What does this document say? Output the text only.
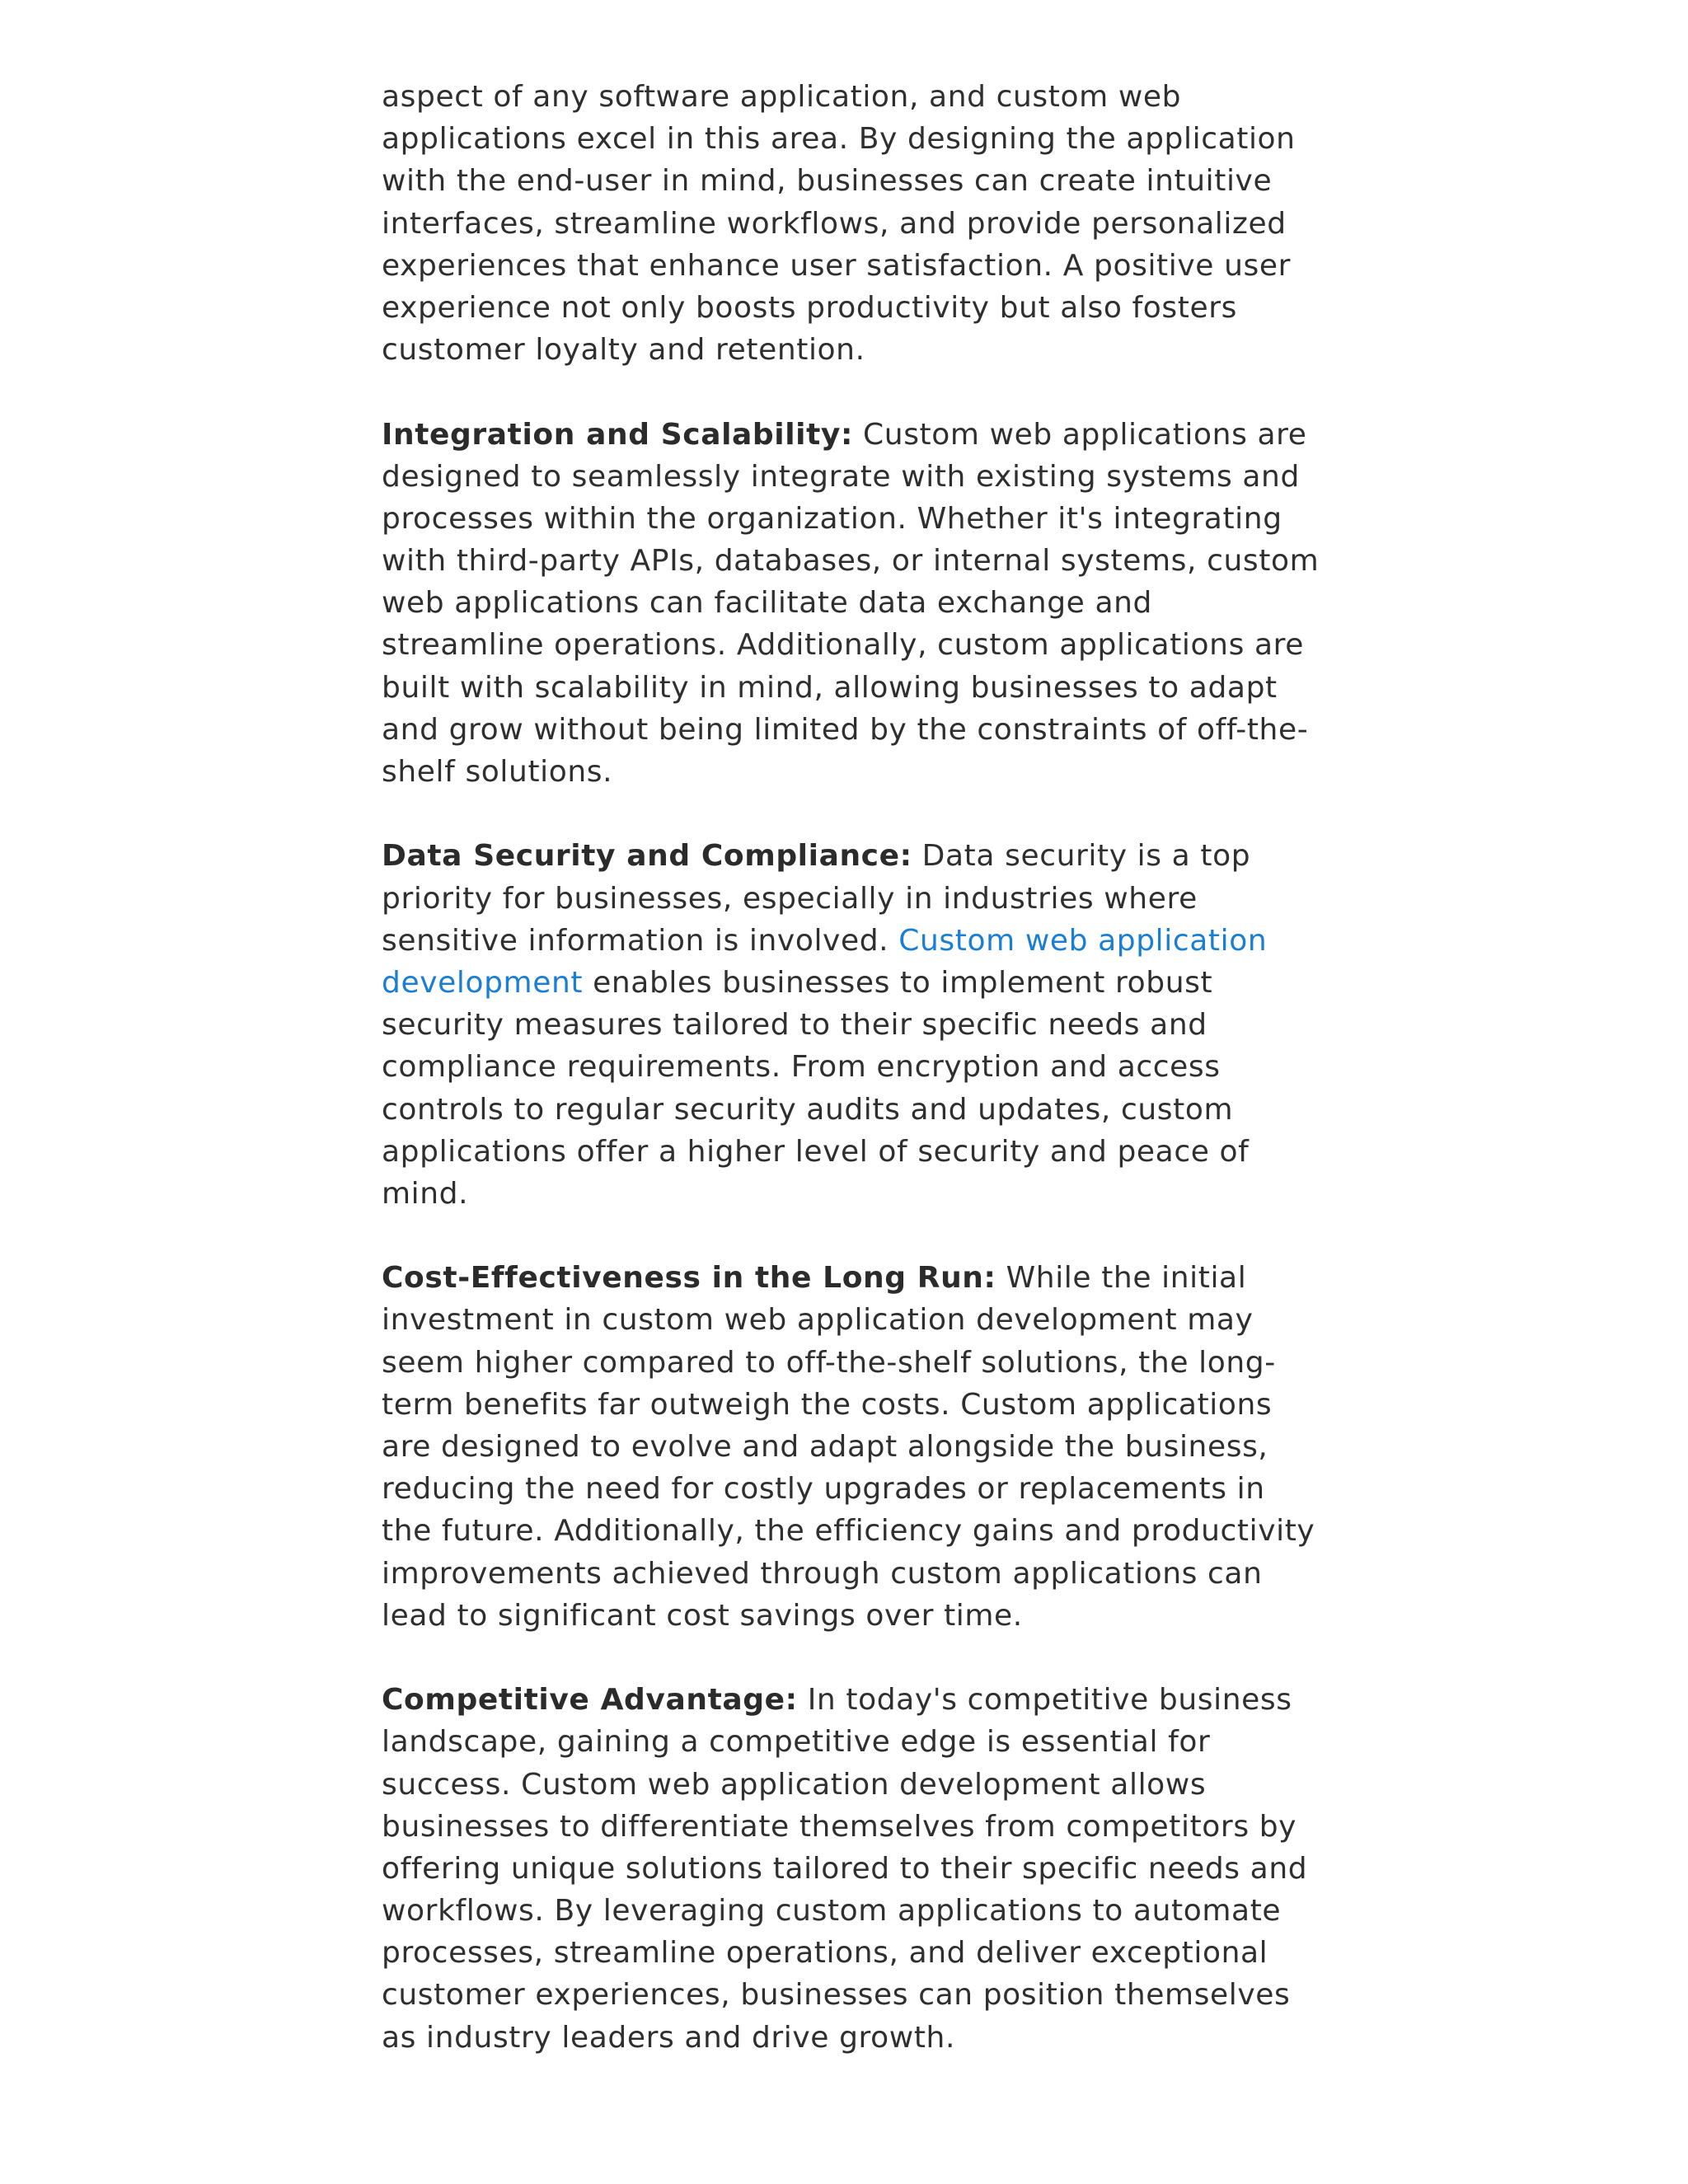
aspect of any software application, and custom web
applications excel in this area. By designing the application
with the end-user in mind, businesses can create intuitive
interfaces, streamline workflows, and provide personalized
experiences that enhance user satisfaction. A positive user
experience not only boosts productivity but also fosters
customer loyalty and retention.
Integration and Scalability: Custom web applications are
designed to seamlessly integrate with existing systems and
processes within the organization. Whether it's integrating
with third-party APIs, databases, or internal systems, custom
web applications can facilitate data exchange and
streamline operations. Additionally, custom applications are
built with scalability in mind, allowing businesses to adapt
and grow without being limited by the constraints of off-the-
shelf solutions.
Data Security and Compliance: Data security is a top
priority for businesses, especially in industries where
sensitive information is involved. Custom web application
development enables businesses to implement robust
security measures tailored to their specific needs and
compliance requirements. From encryption and access
controls to regular security audits and updates, custom
applications offer a higher level of security and peace of
mind.
Cost-Effectiveness in the Long Run: While the initial
investment in custom web application development may
seem higher compared to off-the-shelf solutions, the long-
term benefits far outweigh the costs. Custom applications
are designed to evolve and adapt alongside the business,
reducing the need for costly upgrades or replacements in
the future. Additionally, the efficiency gains and productivity
improvements achieved through custom applications can
lead to significant cost savings over time.
Competitive Advantage: In today's competitive business
landscape, gaining a competitive edge is essential for
success. Custom web application development allows
businesses to differentiate themselves from competitors by
offering unique solutions tailored to their specific needs and
workflows. By leveraging custom applications to automate
processes, streamline operations, and deliver exceptional
customer experiences, businesses can position themselves
as industry leaders and drive growth.
